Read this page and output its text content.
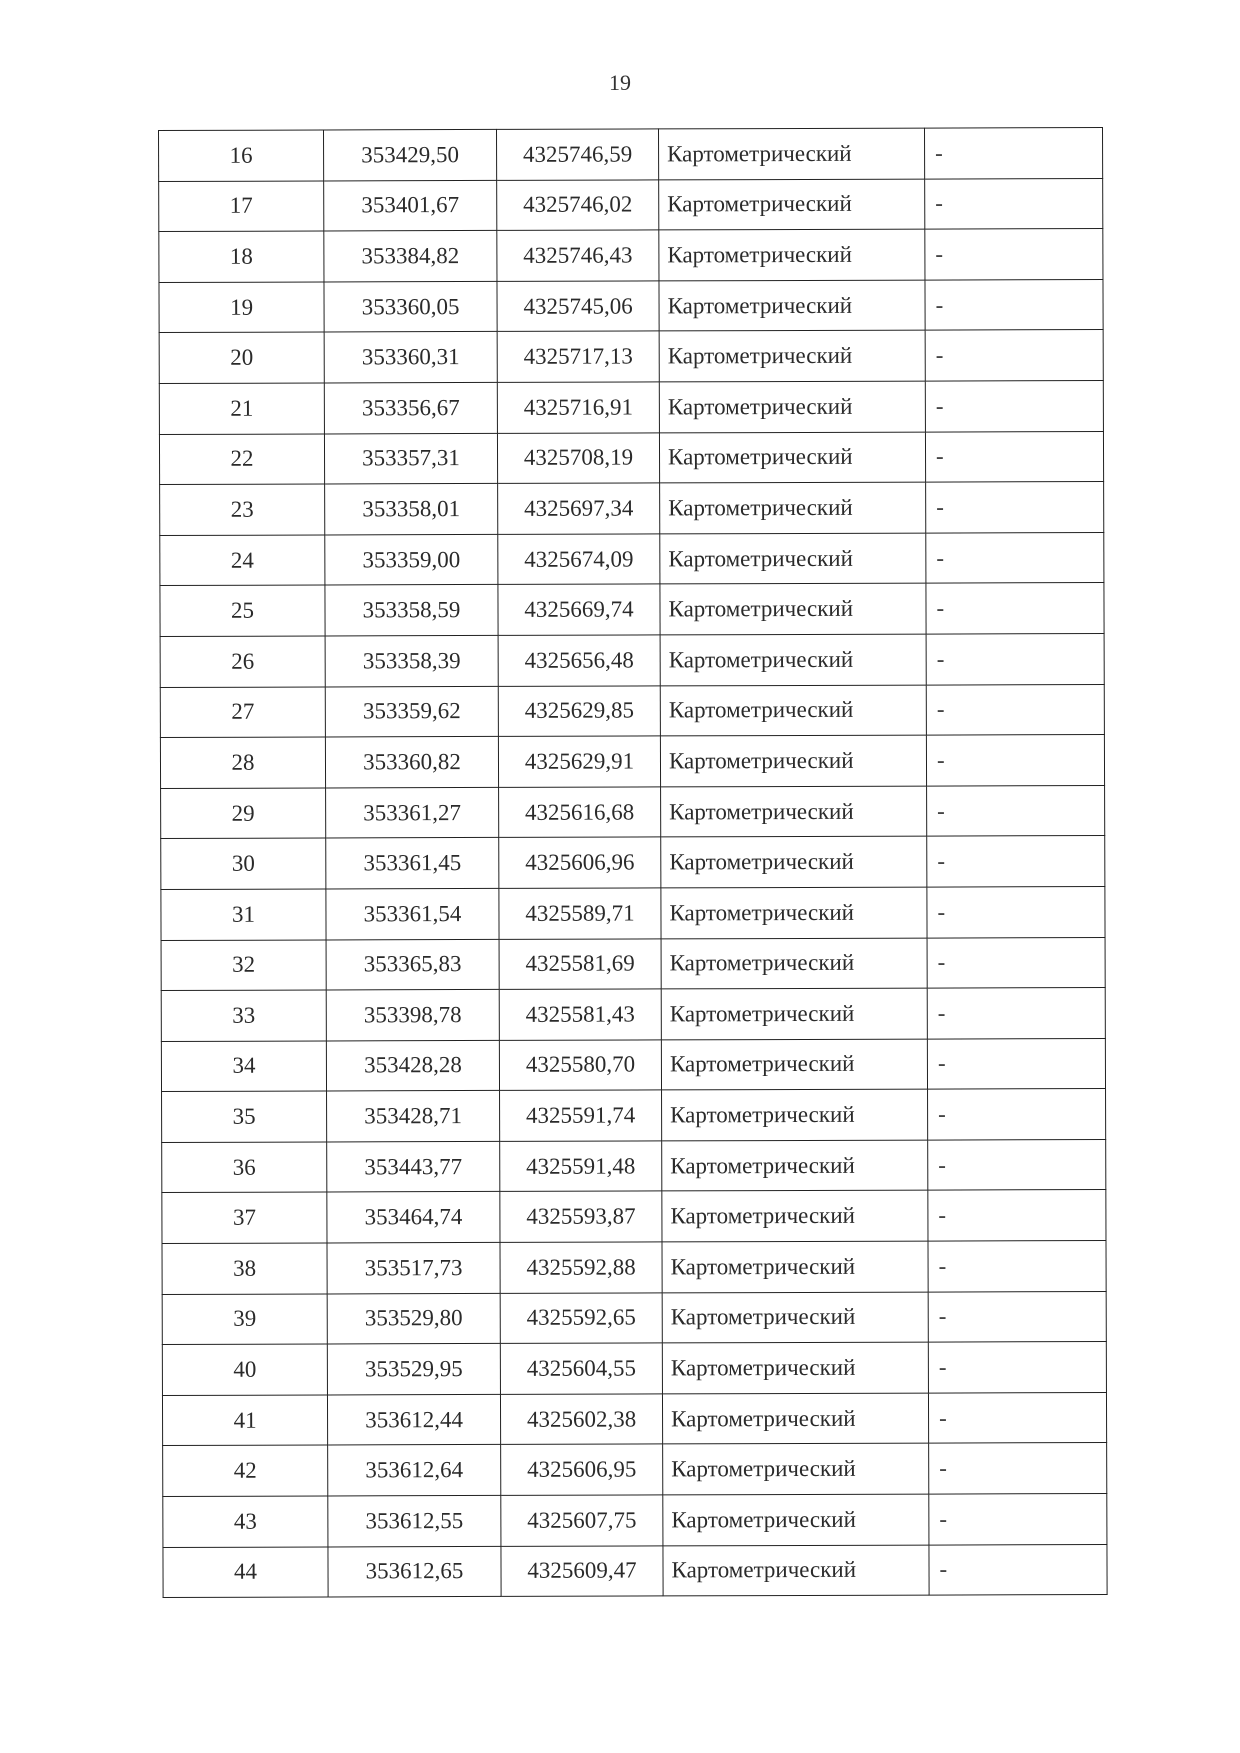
19
16	353429,50	4325746,59	Картометрический	-
17	353401,67	4325746,02	Картометрический	-
18	353384,82	4325746,43	Картометрический	-
19	353360,05	4325745,06	Картометрический	-
20	353360,31	4325717,13	Картометрический	-
21	353356,67	4325716,91	Картометрический	-
22	353357,31	4325708,19	Картометрический	-
23	353358,01	4325697,34	Картометрический	-
24	353359,00	4325674,09	Картометрический	-
25	353358,59	4325669,74	Картометрический	-
26	353358,39	4325656,48	Картометрический	-
27	353359,62	4325629,85	Картометрический	-
28	353360,82	4325629,91	Картометрический	-
29	353361,27	4325616,68	Картометрический	-
30	353361,45	4325606,96	Картометрический	-
31	353361,54	4325589,71	Картометрический	-
32	353365,83	4325581,69	Картометрический	-
33	353398,78	4325581,43	Картометрический	-
34	353428,28	4325580,70	Картометрический	-
35	353428,71	4325591,74	Картометрический	-
36	353443,77	4325591,48	Картометрический	-
37	353464,74	4325593,87	Картометрический	-
38	353517,73	4325592,88	Картометрический	-
39	353529,80	4325592,65	Картометрический	-
40	353529,95	4325604,55	Картометрический	-
41	353612,44	4325602,38	Картометрический	-
42	353612,64	4325606,95	Картометрический	-
43	353612,55	4325607,75	Картометрический	-
44	353612,65	4325609,47	Картометрический	-
